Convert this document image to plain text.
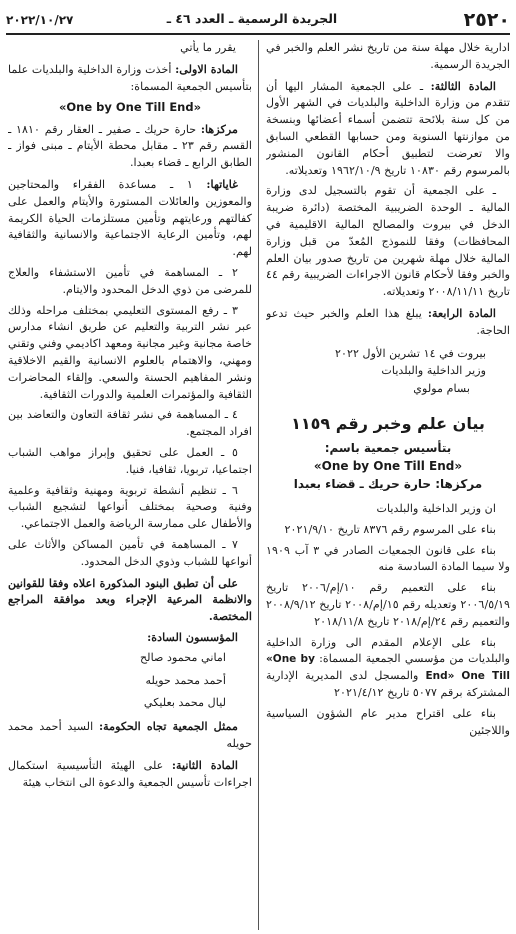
٢٠٢٢/١٠/٢٧	الجريدة الرسمية ـ العدد ٤٦ ـ	٢٥٢٠

ادارية خلال مهلة سنة من تاريخ نشر العلم والخبر في الجريدة الرسمية.

المادة الثالثة: ـ على الجمعية المشار اليها أن تتقدم من وزارة الداخلية والبلديات في الشهر الأول من كل سنة بلائحة تتضمن أسماء أعضائها وبنسخة من موازنتها السنوية ومن حسابها القطعي السابق والا تعرضت لتطبيق أحكام القانون المنشور بالمرسوم رقم ١٠٨٣٠ تاريخ ١٩٦٢/١٠/٩ وتعديلاته.

ـ على الجمعية أن تقوم بالتسجيل لدى وزارة المالية ـ الوحدة الضريبية المختصة (دائرة ضريبة الدخل في بيروت والمصالح المالية الاقليمية في المحافظات) وفقا للنموذج المُعدّ من قبل وزارة المالية خلال مهلة شهرين من تاريخ صدور بيان العلم والخبر وفقا لأحكام قانون الاجراءات الضريبية رقم ٤٤ تاريخ ٢٠٠٨/١١/١١ وتعديلاته.

المادة الرابعة: يبلغ هذا العلم والخبر حيث تدعو الحاجة.

بيروت في ١٤ تشرين الأول ٢٠٢٢

وزير الداخلية والبلديات

بسام مولوي

بيان علم وخبر رقم ١١٥٩
بتأسيس جمعية باسم:
«One by One Till End»
مركزها: حارة حريك ـ قضاء بعبدا

ان وزير الداخلية والبلديات

بناء على المرسوم رقم ٨٣٧٦ تاريخ ٢٠٢١/٩/١٠

بناء على قانون الجمعيات الصادر في ٣ آب ١٩٠٩ ولا سيما المادة السادسة منه

بناء على التعميم رقم ١٠/إم/٢٠٠٦ تاريخ ٢٠٠٦/٥/١٩ وتعديله رقم ١٥/إم/٢٠٠٨ تاريخ ٢٠٠٨/٩/١٢ والتعميم رقم ٢٤/إم/٢٠١٨ تاريخ ٢٠١٨/١١/٨

بناء على الإعلام المقدم الى وزارة الداخلية والبلديات من مؤسسي الجمعية المسماة: «One by One Till End» والمسجل لدى المديرية الإدارية المشتركة برقم ٥٠٧٧ تاريخ ٢٠٢١/٤/١٢

بناء على اقتراح مدير عام الشؤون السياسية واللاجئين

يقرر ما يأتي

المادة الاولى: أخذت وزارة الداخلية والبلديات علما بتأسيس الجمعية المسماة:

«One by One Till End»

مركزها: حارة حريك ـ صفير ـ العقار رقم ١٨١٠ ـ القسم رقم ٢٣ ـ مقابل محطة الأيتام ـ مبنى فواز ـ الطابق الرابع ـ قضاء بعبدا.

غاياتها: ١ ـ مساعدة الفقراء والمحتاجين والمعوزين والعائلات المستورة والأيتام والعمل على كفالتهم ورعايتهم وتأمين مستلزمات الحياة الكريمة لهم، وتأمين الرعاية الاجتماعية والانسانية والثقافية لهم.

٢ ـ المساهمة في تأمين الاستشفاء والعلاج للمرضى من ذوي الدخل المحدود والايتام.

٣ ـ رفع المستوى التعليمي بمختلف مراحله وذلك عبر نشر التربية والتعليم عن طريق انشاء مدارس خاصة مجانية وغير مجانية ومعهد اكاديمي وفني وتقني ومهني، والاهتمام بالعلوم الانسانية والقيم الاخلاقية ونشر المفاهيم الحسنة والسعي. وإلقاء المحاضرات الثقافية والمؤتمرات العلمية والدورات الثقافية.

٤ ـ المساهمة في نشر ثقافة التعاون والتعاضد بين افراد المجتمع.

٥ ـ العمل على تحقيق وإبراز مواهب الشباب اجتماعيا، تربويا، ثقافيا، فنيا.

٦ ـ تنظيم أنشطة تربوية ومهنية وثقافية وعلمية وفنية وصحية بمختلف أنواعها لتشجيع الشباب والأطفال على ممارسة الرياضة والعمل الاجتماعي.

٧ ـ المساهمة في تأمين المساكن والأثاث على أنواعها للشباب وذوي الدخل المحدود.

على أن تطبق البنود المذكورة اعلاه وفقا للقوانين والانظمة المرعية الإجراء وبعد موافقة المراجع المختصة.

المؤسسون السادة:

اماني محمود صالح

أحمد محمد حويله

ليال محمد بعليكي

ممثل الجمعية تجاه الحكومة: السيد أحمد محمد حويله

المادة الثانية: على الهيئة التأسيسية استكمال اجراءات تأسيس الجمعية والدعوة الى انتخاب هيئة
